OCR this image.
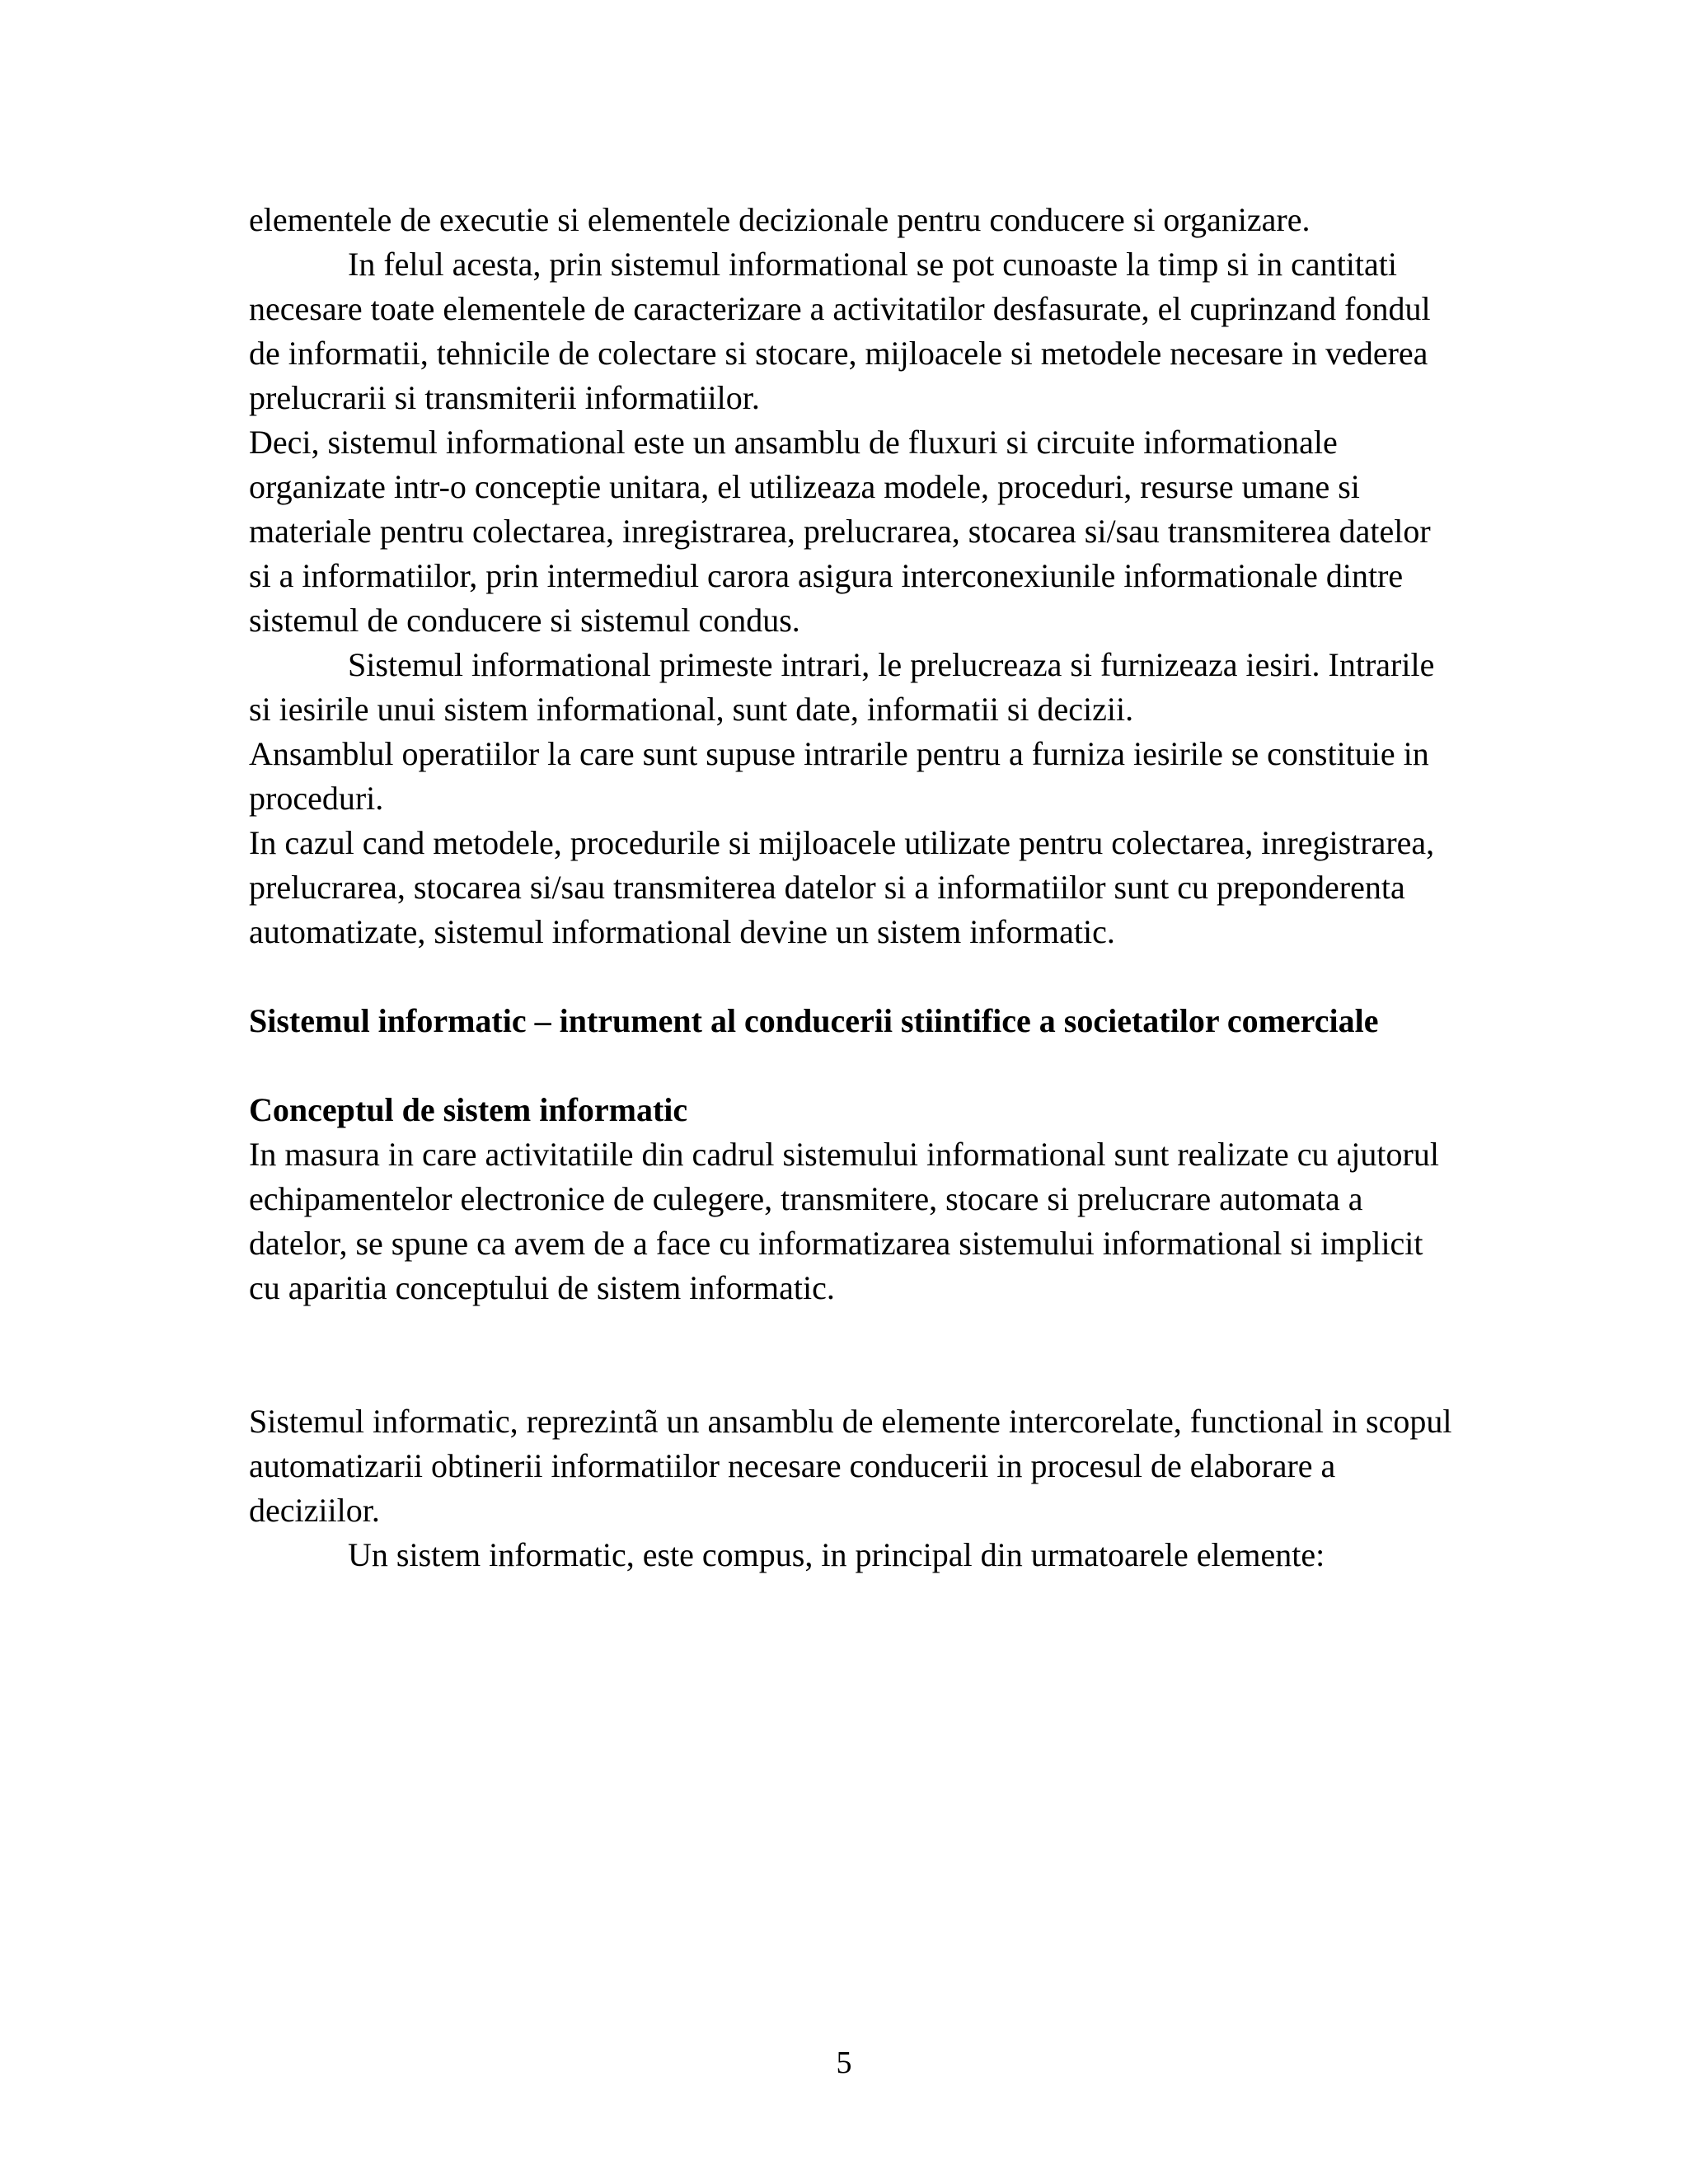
elementele de executie si elementele decizionale pentru conducere si organizare.

In felul acesta, prin sistemul informational se pot cunoaste la timp si in cantitati necesare toate elementele de caracterizare a activitatilor desfasurate, el cuprinzand fondul de informatii, tehnicile de colectare si stocare, mijloacele si metodele necesare in vederea prelucrarii si transmiterii informatiilor.

Deci, sistemul informational este un ansamblu de fluxuri si circuite informationale organizate intr-o conceptie unitara, el utilizeaza modele, proceduri, resurse umane si materiale pentru colectarea, inregistrarea, prelucrarea, stocarea si/sau transmiterea datelor si a informatiilor, prin intermediul carora asigura interconexiunile informationale dintre sistemul de conducere si sistemul condus.

Sistemul informational primeste intrari, le prelucreaza si furnizeaza iesiri. Intrarile si iesirile unui sistem informational, sunt date, informatii si decizii.

Ansamblul operatiilor la care sunt supuse intrarile pentru a furniza iesirile se constituie in proceduri.

In cazul cand metodele, procedurile si mijloacele utilizate pentru colectarea, inregistrarea, prelucrarea, stocarea si/sau transmiterea datelor si a informatiilor sunt cu preponderenta automatizate, sistemul informational devine un sistem informatic.

Sistemul informatic – intrument al conducerii stiintifice a societatilor comerciale

Conceptul de sistem informatic

In masura in care activitatiile din cadrul sistemului informational sunt realizate cu ajutorul echipamentelor electronice de culegere, transmitere, stocare si prelucrare automata a datelor, se spune ca avem de a face cu informatizarea sistemului informational si implicit cu aparitia conceptului de sistem informatic.

Sistemul informatic, reprezintã un ansamblu de elemente intercorelate, functional in scopul automatizarii obtinerii informatiilor necesare conducerii in procesul de elaborare a deciziilor.

Un sistem informatic, este compus, in principal din urmatoarele elemente:

5
